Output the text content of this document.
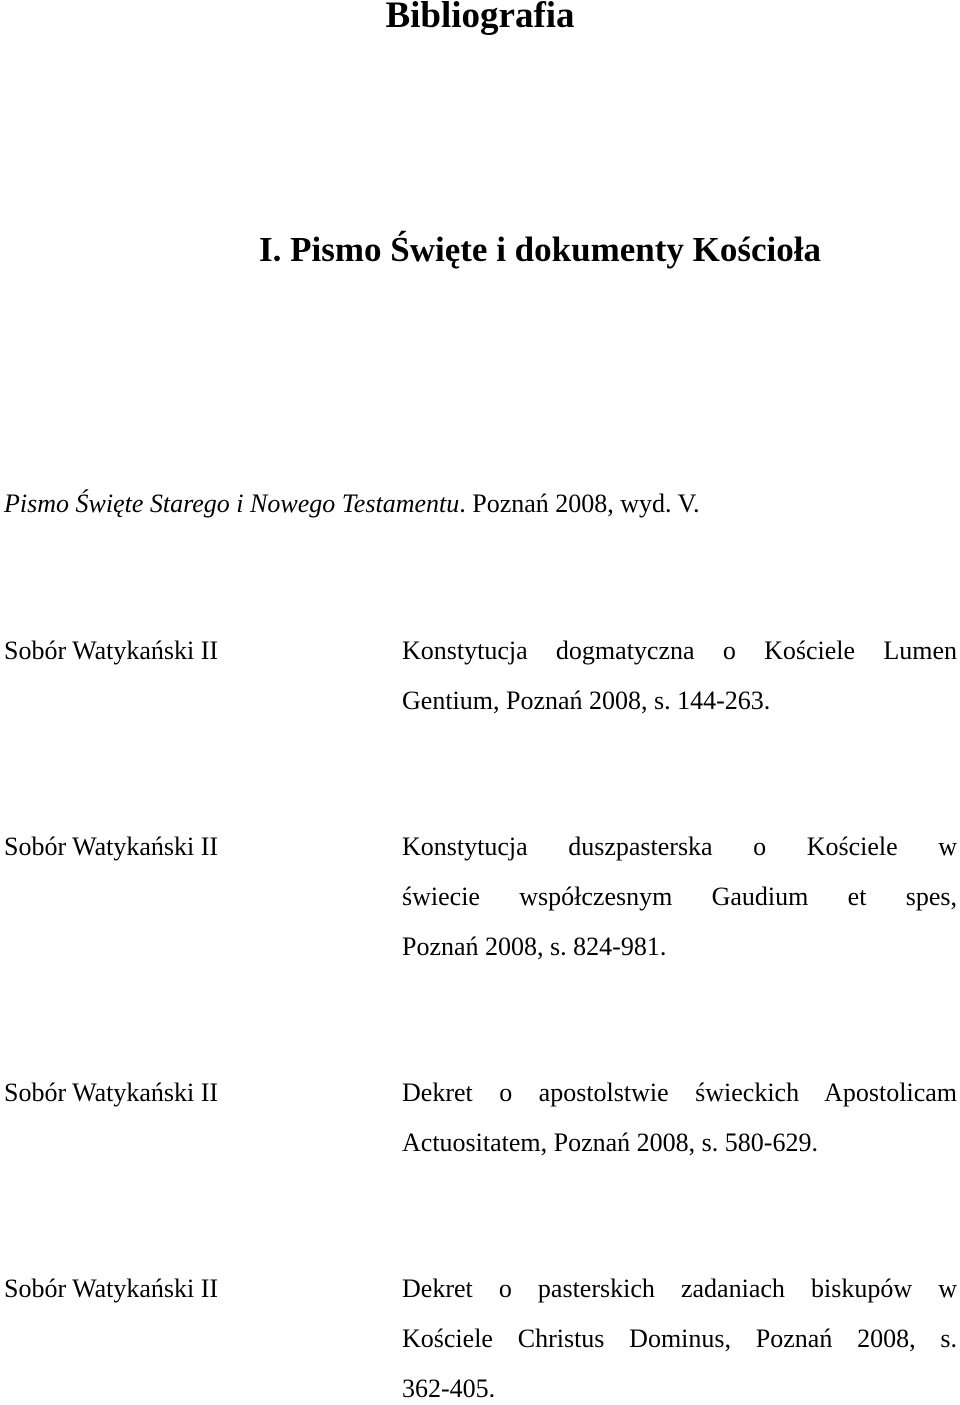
Bibliografia
I. Pismo Święte i dokumenty Kościoła

Pismo Święte Starego i Nowego Testamentu. Poznań 2008, wyd. V.

Sobór Watykański II	Konstytucja dogmatyczna o Kościele Lumen
Gentium, Poznań 2008, s. 144-263.
Sobór Watykański II	Konstytucja duszpasterska o Kościele w
świecie współczesnym Gaudium et spes,
Poznań 2008, s. 824-981.
Sobór Watykański II	Dekret o apostolstwie świeckich Apostolicam
Actuositatem, Poznań 2008, s. 580-629.
Sobór Watykański II	Dekret o pasterskich zadaniach biskupów w
Kościele Christus Dominus, Poznań 2008, s.
362-405.
